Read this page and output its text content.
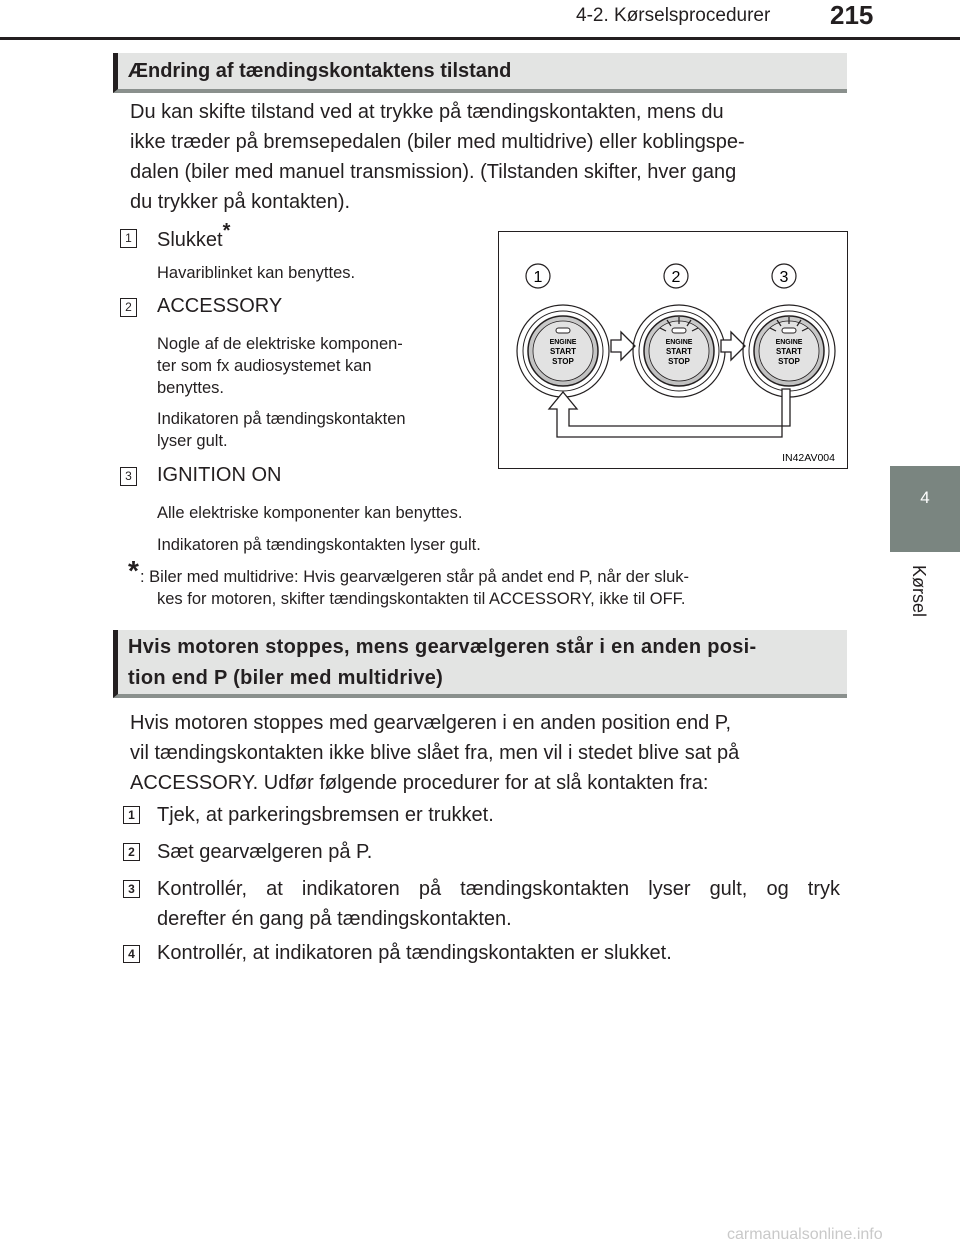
4-2. Kørselsprocedurer 215
4
Kørsel
Ændring af tændingskontaktens tilstand
Du kan skifte tilstand ved at trykke på tændingskontakten, mens du
ikke træder på bremsepedalen (biler med multidrive) eller koblingspe-
dalen (biler med manuel transmission). (Tilstanden skifter, hver gang
du trykker på kontakten).
1 Slukket*
Havariblinket kan benyttes.
2 ACCESSORY
Nogle af de elektriske komponen-
ter som fx audiosystemet kan
benyttes.
Indikatoren på tændingskontakten
lyser gult.
3 IGNITION ON
Alle elektriske komponenter kan benyttes.
Indikatoren på tændingskontakten lyser gult.
* : Biler med multidrive: Hvis gearvælgeren står på andet end P, når der sluk-
kes for motoren, skifter tændingskontakten til ACCESSORY, ikke til OFF.
1	2	3
ENGINE
START
STOP
ENGINE
START
STOP
ENGINE
START
STOP
IN42AV004
Hvis motoren stoppes, mens gearvælgeren står i en anden posi-
tion end P (biler med multidrive)
Hvis motoren stoppes med gearvælgeren i en anden position end P,
vil tændingskontakten ikke blive slået fra, men vil i stedet blive sat på
ACCESSORY. Udfør følgende procedurer for at slå kontakten fra:
1 Tjek, at parkeringsbremsen er trukket.
2 Sæt gearvælgeren på P.
3 Kontrollér, at indikatoren på tændingskontakten lyser gult, og tryk
derefter én gang på tændingskontakten.
4 Kontrollér, at indikatoren på tændingskontakten er slukket.
carmanualsonline.info
